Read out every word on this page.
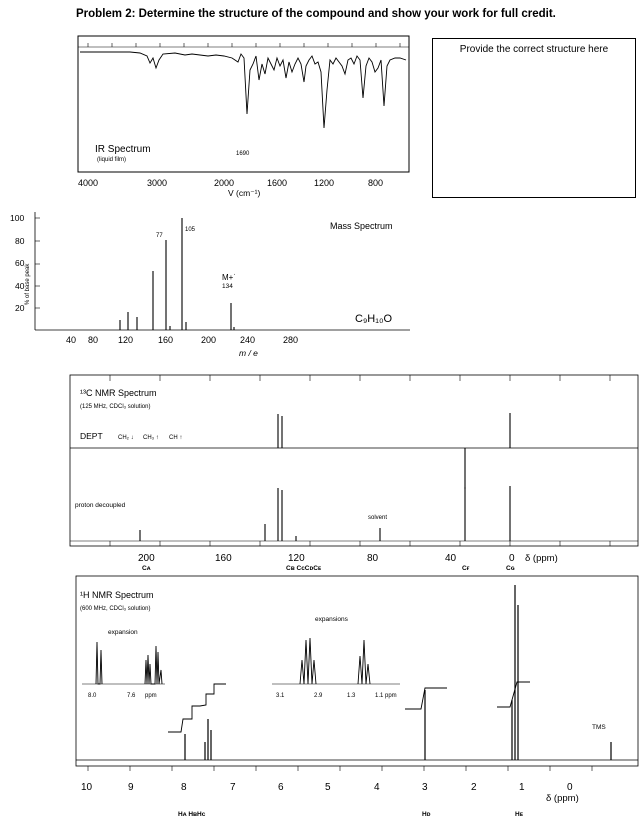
Problem 2: Determine the structure of the compound and show your work for full credit.
Provide the correct structure here
IR Spectrum
(liquid film)
1690
4000	3000	2000	1600	1200	800
V (cm⁻¹)
100
80
60
40
20
% of base peak
77
105
M+˙
134
Mass Spectrum
C₉H₁₀O
40 80 120	160	200	240	280
m / e
¹³C NMR Spectrum
(125 MHz, CDCl₃ solution)
DEPT	CH₂ ↓ CH₃ ↑ CH ↑
proton decoupled
solvent
200	160	120	80	40	0 δ (ppm)
Cᴀ	Cʙ CᴄCᴅCᴇ	Cғ	Cɢ
¹H NMR Spectrum
(600 MHz, CDCl₃ solution)
expansion
expansions
8.0	7.6 ppm	3.1	2.9	1.3	1.1 ppm
TMS
10	9	8	7	6	5	4	3	2	1	0
δ (ppm)
Hᴀ HʙHᴄ	Hᴅ	Hᴇ
